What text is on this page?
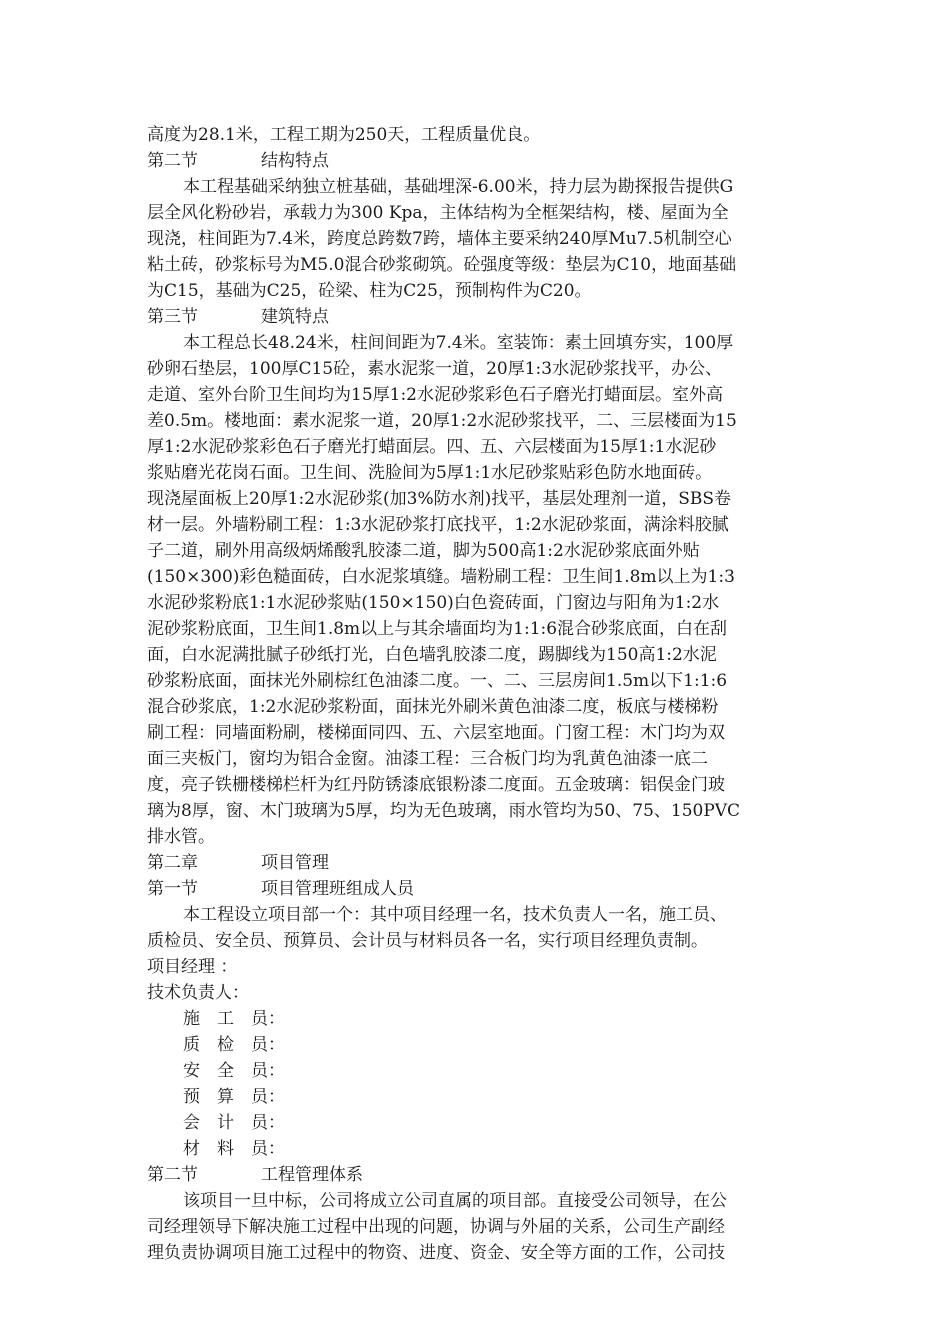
高度为28.1米，工程工期为250天，工程质量优良。
第二节	结构特点
本工程基础采纳独立桩基础，基础埋深-6.00米，持力层为勘探报告提供G
层全风化粉砂岩，承载力为300 Kpa，主体结构为全框架结构，楼、屋面为全
现浇，柱间距为7.4米，跨度总跨数7跨，墙体主要采纳240厚Mu7.5机制空心
粘土砖，砂浆标号为M5.0混合砂浆砌筑。砼强度等级：垫层为C10，地面基础
为C15，基础为C25，砼梁、柱为C25，预制构件为C20。
第三节	建筑特点
本工程总长48.24米，柱间间距为7.4米。室装饰：素土回填夯实，100厚
砂卵石垫层，100厚C15砼，素水泥浆一道，20厚1:3水泥砂浆找平，办公、
走道、室外台阶卫生间均为15厚1:2水泥砂浆彩色石子磨光打蜡面层。室外高
差0.5m。楼地面：素水泥浆一道，20厚1:2水泥砂浆找平，二、三层楼面为15
厚1:2水泥砂浆彩色石子磨光打蜡面层。四、五、六层楼面为15厚1:1水泥砂
浆贴磨光花岗石面。卫生间、洗脸间为5厚1:1水尼砂浆贴彩色防水地面砖。
现浇屋面板上20厚1:2水泥砂浆(加3%防水剂)找平，基层处理剂一道，SBS卷
材一层。外墙粉刷工程：1:3水泥砂浆打底找平，1:2水泥砂浆面，满涂料胶腻
子二道，刷外用高级炳烯酸乳胶漆二道，脚为500高1:2水泥砂浆底面外贴
(150×300)彩色糙面砖，白水泥浆填缝。墙粉刷工程：卫生间1.8m以上为1:3
水泥砂浆粉底1:1水泥砂浆贴(150×150)白色瓷砖面，门窗边与阳角为1:2水
泥砂浆粉底面，卫生间1.8m以上与其余墙面均为1:1:6混合砂浆底面，白在刮
面，白水泥满批腻子砂纸打光，白色墙乳胶漆二度，踢脚线为150高1:2水泥
砂浆粉底面，面抹光外刷棕红色油漆二度。一、二、三层房间1.5m以下1:1:6
混合砂浆底，1:2水泥砂浆粉面，面抹光外刷米黄色油漆二度，板底与楼梯粉
刷工程：同墙面粉刷，楼梯面同四、五、六层室地面。门窗工程：木门均为双
面三夹板门，窗均为铝合金窗。油漆工程：三合板门均为乳黄色油漆一底二
度，亮子铁栅楼梯栏杆为红丹防锈漆底银粉漆二度面。五金玻璃：铝俣金门玻
璃为8厚，窗、木门玻璃为5厚，均为无色玻璃，雨水管均为50、75、150PVC
排水管。
第二章	项目管理
第一节	项目管理班组成人员
本工程设立项目部一个：其中项目经理一名，技术负责人一名，施工员、
质检员、安全员、预算员、会计员与材料员各一名，实行项目经理负责制。
项目经理 ：
技术负责人：
施　工　员：
质　检　员：
安　全　员：
预　算　员：
会　计　员：
材　料　员：
第二节	工程管理体系
该项目一旦中标，公司将成立公司直属的项目部。直接受公司领导，在公
司经理领导下解决施工过程中出现的问题，协调与外届的关系，公司生产副经
理负责协调项目施工过程中的物资、进度、资金、安全等方面的工作，公司技
